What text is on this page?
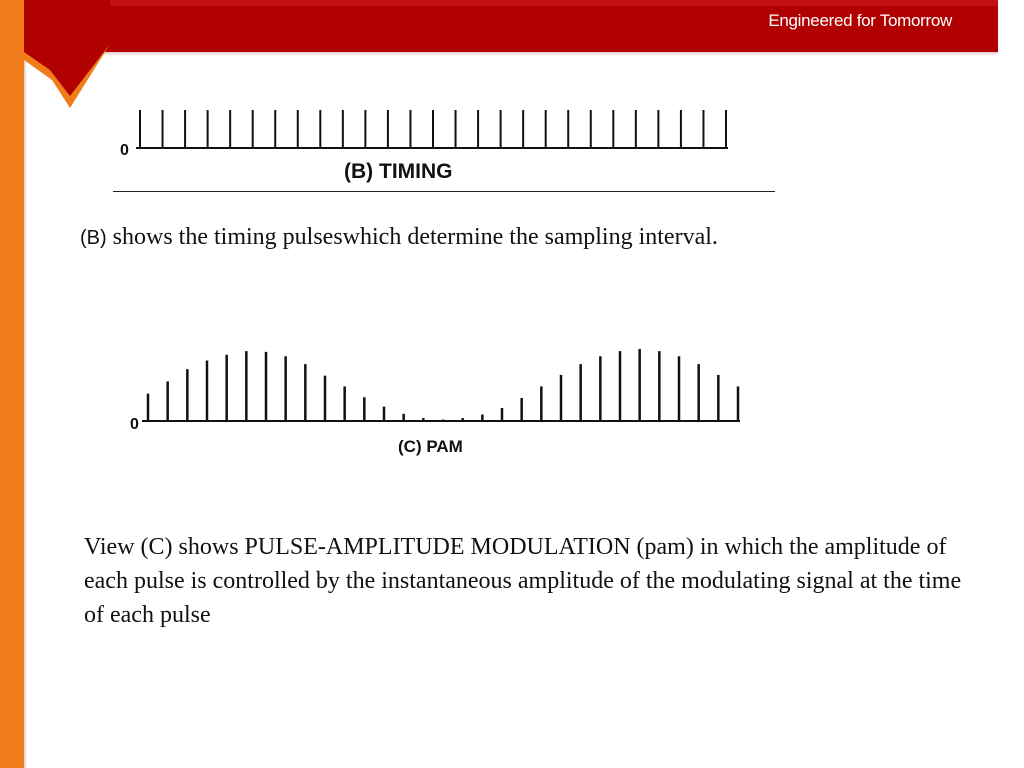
Engineered for Tomorrow
0
(B) TIMING
(B) shows the timing pulseswhich determine the sampling interval.
0
(C) PAM
View (C) shows PULSE-AMPLITUDE MODULATION (pam) in which the amplitude of each pulse is controlled by the instantaneous amplitude of the modulating signal at the time of each pulse
